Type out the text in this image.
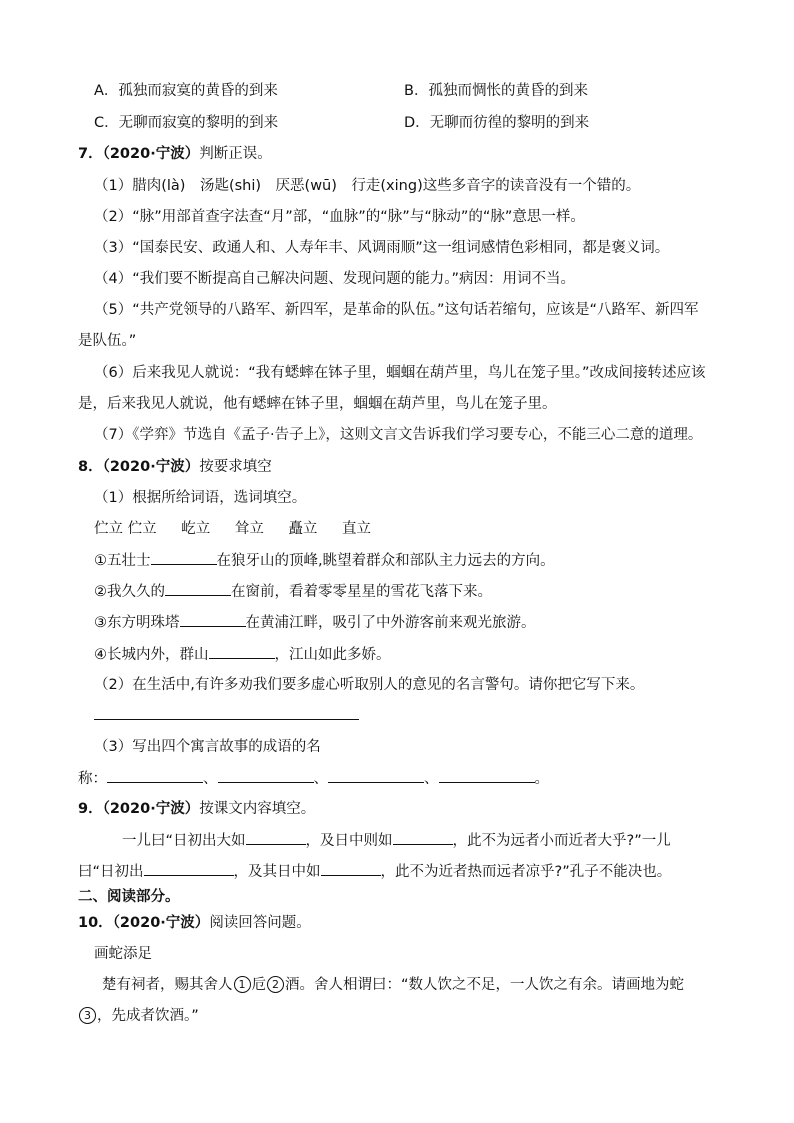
A．孤独而寂寞的黄昏的到来	B．孤独而惆怅的黄昏的到来
C．无聊而寂寞的黎明的到来	D．无聊而彷徨的黎明的到来
7．（2020·宁波）判断正误。
（1）腊肉(là)　汤匙(shi)　厌恶(wū)　行走(xing)这些多音字的读音没有一个错的。
（2）“脉”用部首查字法查“月”部，“血脉”的“脉”与“脉动”的“脉”意思一样。
（3）“国泰民安、政通人和、人寿年丰、风调雨顺”这一组词感情色彩相同，都是褒义词。
（4）“我们要不断提高自己解决问题、发现问题的能力。”病因：用词不当。
（5）“共产党领导的八路军、新四军，是革命的队伍。”这句话若缩句，应该是“八路军、新四军
是队伍。”
（6）后来我见人就说：“我有蟋蟀在钵子里，蝈蝈在葫芦里，鸟儿在笼子里。”改成间接转述应该
是，后来我见人就说，他有蟋蟀在钵子里，蝈蝈在葫芦里，鸟儿在笼子里。
（7）《学弈》节选自《孟子·告子上》，这则文言文告诉我们学习要专心，不能三心二意的道理。
8．（2020·宁波）按要求填空
（1）根据所给词语，选词填空。
伫立 伫立 屹立 耸立 矗立 直立
①五壮士	在狼牙山的顶峰,眺望着群众和部队主力远去的方向。
②我久久的	在窗前，看着零零星星的雪花飞落下来。
③东方明珠塔	在黄浦江畔，吸引了中外游客前来观光旅游。
④长城内外，群山	，江山如此多娇。
（2）在生活中,有许多劝我们要多虚心听取别人的意见的名言警句。请你把它写下来。
（3）写出四个寓言故事的成语的名
称：	、	、	、	。
9．（2020·宁波）按课文内容填空。
一儿曰“日初出大如	，及日中则如	，此不为远者小而近者大乎?”一儿
曰“日初出	，及其日中如	，此不为近者热而远者凉乎?”孔子不能决也。
二、阅读部分。
10．（2020·宁波）阅读回答问题。
画蛇添足
楚有祠者，赐其舍人 1 卮 2 酒。舍人相谓曰：“数人饮之不足，一人饮之有余。请画地为蛇
3 ，先成者饮酒。”
